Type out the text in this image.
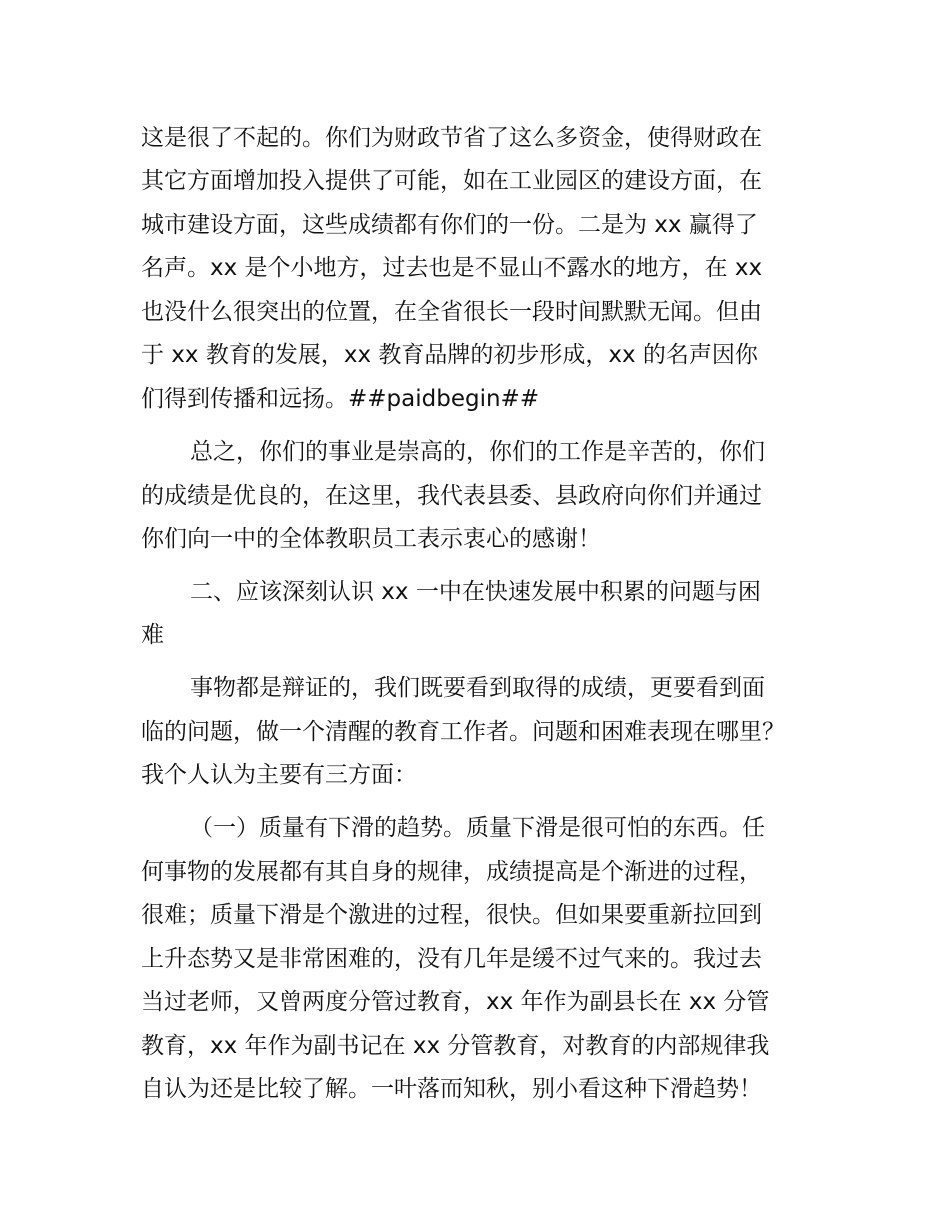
这是很了不起的。你们为财政节省了这么多资金，使得财政在
其它方面增加投入提供了可能，如在工业园区的建设方面，在
城市建设方面，这些成绩都有你们的一份。二是为 xx 赢得了
名声。xx 是个小地方，过去也是不显山不露水的地方，在 xx
也没什么很突出的位置，在全省很长一段时间默默无闻。但由
于 xx 教育的发展，xx 教育品牌的初步形成，xx 的名声因你
们得到传播和远扬。##paidbegin##
总之，你们的事业是崇高的，你们的工作是辛苦的，你们
的成绩是优良的，在这里，我代表县委、县政府向你们并通过
你们向一中的全体教职员工表示衷心的感谢！
二、应该深刻认识 xx 一中在快速发展中积累的问题与困
难
事物都是辩证的，我们既要看到取得的成绩，更要看到面
临的问题，做一个清醒的教育工作者。问题和困难表现在哪里？
我个人认为主要有三方面：
（一）质量有下滑的趋势。质量下滑是很可怕的东西。任
何事物的发展都有其自身的规律，成绩提高是个渐进的过程，
很难；质量下滑是个激进的过程，很快。但如果要重新拉回到
上升态势又是非常困难的，没有几年是缓不过气来的。我过去
当过老师，又曾两度分管过教育，xx 年作为副县长在 xx 分管
教育，xx 年作为副书记在 xx 分管教育，对教育的内部规律我
自认为还是比较了解。一叶落而知秋，别小看这种下滑趋势！
